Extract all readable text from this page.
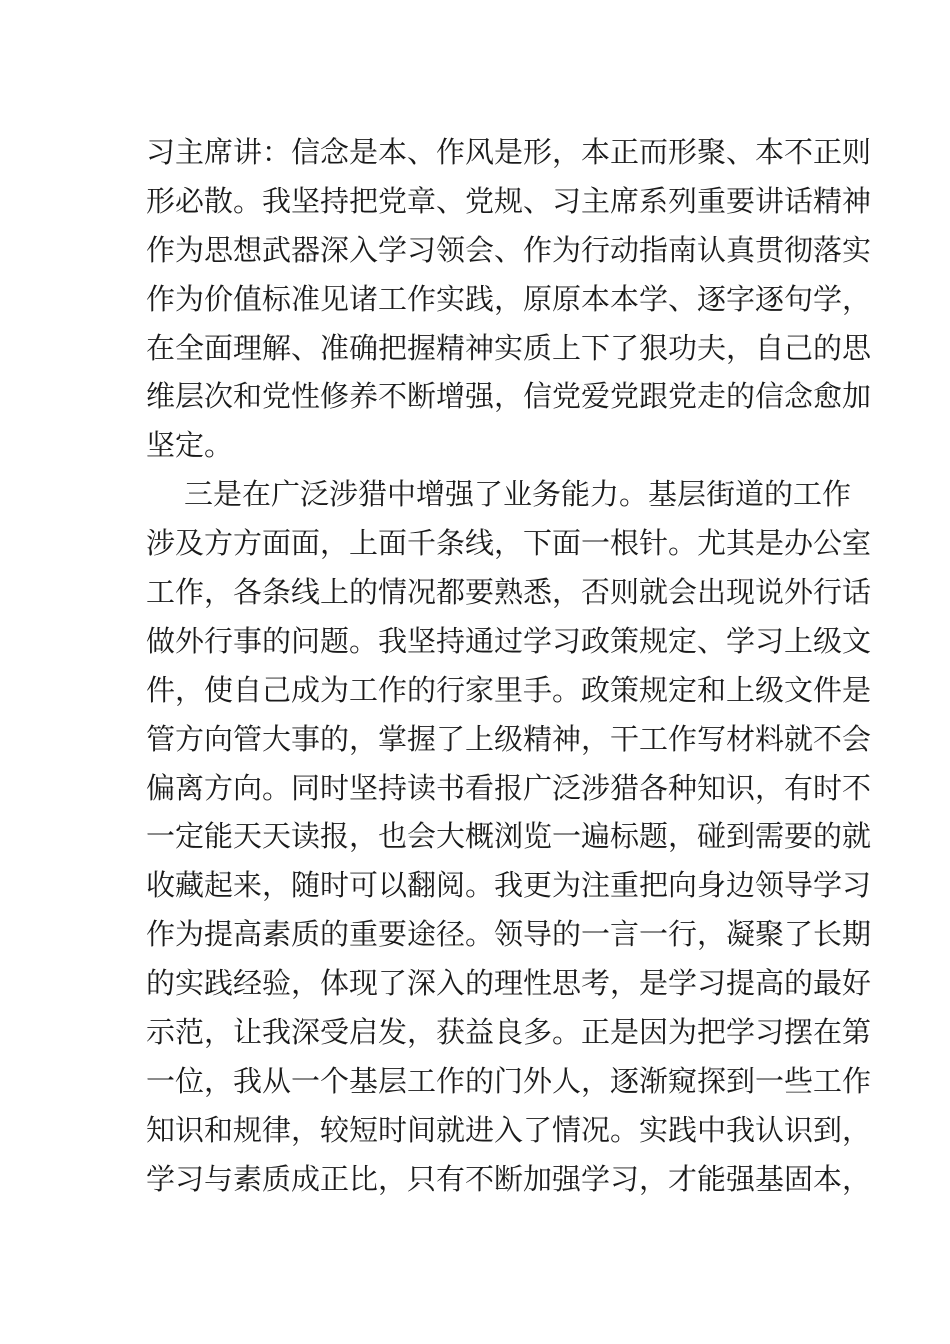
习主席讲：信念是本、作风是形，本正而形聚、本不正则
形必散。我坚持把党章、党规、习主席系列重要讲话精神
作为思想武器深入学习领会、作为行动指南认真贯彻落实
作为价值标准见诸工作实践，原原本本学、逐字逐句学，
在全面理解、准确把握精神实质上下了狠功夫，自己的思
维层次和党性修养不断增强，信党爱党跟党走的信念愈加
坚定。
三是在广泛涉猎中增强了业务能力。基层街道的工作
涉及方方面面，上面千条线，下面一根针。尤其是办公室
工作，各条线上的情况都要熟悉，否则就会出现说外行话
做外行事的问题。我坚持通过学习政策规定、学习上级文
件，使自己成为工作的行家里手。政策规定和上级文件是
管方向管大事的，掌握了上级精神，干工作写材料就不会
偏离方向。同时坚持读书看报广泛涉猎各种知识，有时不
一定能天天读报，也会大概浏览一遍标题，碰到需要的就
收藏起来，随时可以翻阅。我更为注重把向身边领导学习
作为提高素质的重要途径。领导的一言一行，凝聚了长期
的实践经验，体现了深入的理性思考，是学习提高的最好
示范，让我深受启发，获益良多。正是因为把学习摆在第
一位，我从一个基层工作的门外人，逐渐窥探到一些工作
知识和规律，较短时间就进入了情况。实践中我认识到，
学习与素质成正比，只有不断加强学习，才能强基固本，
